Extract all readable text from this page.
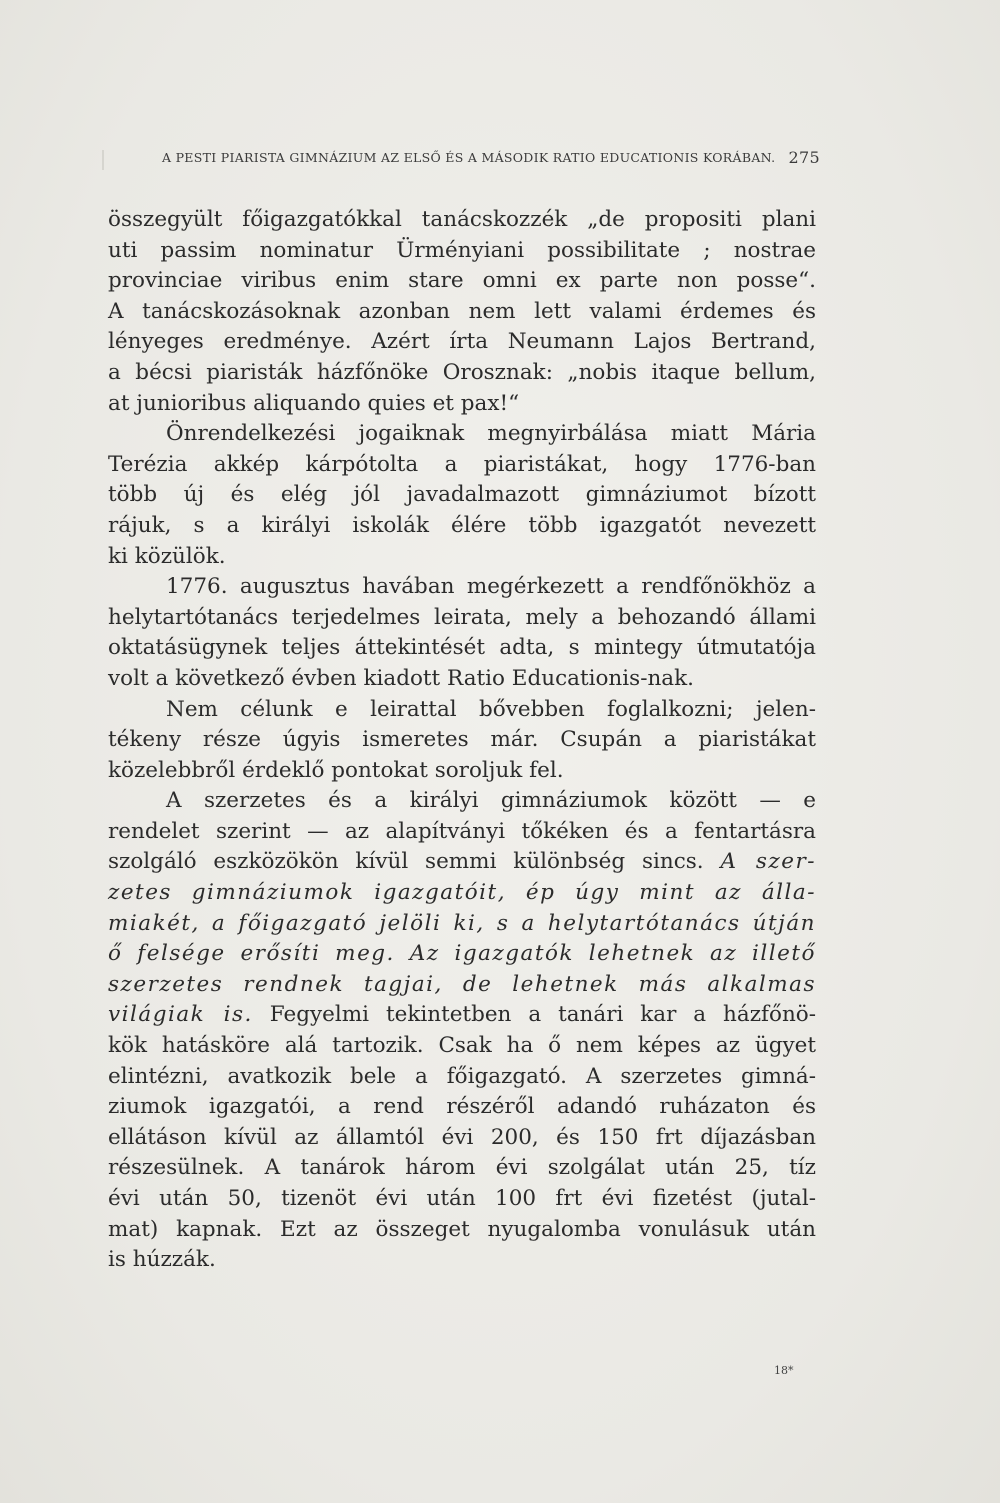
A PESTI PIARISTA GIMNÁZIUM AZ ELSŐ ÉS A MÁSODIK RATIO EDUCATIONIS KORÁBAN. 275
összegyült főigazgatókkal tanácskozzék „de propositi plani
uti passim nominatur Ürményiani possibilitate ; nostrae
provinciae viribus enim stare omni ex parte non posse“.
A tanácskozásoknak azonban nem lett valami érdemes és
lényeges eredménye. Azért írta Neumann Lajos Bertrand,
a bécsi piaristák házfőnöke Orosznak: „nobis itaque bellum,
at junioribus aliquando quies et pax!“
Önrendelkezési jogaiknak megnyirbálása miatt Mária
Terézia akkép kárpótolta a piaristákat, hogy 1776-ban
több új és elég jól javadalmazott gimnáziumot bízott
rájuk, s a királyi iskolák élére több igazgatót nevezett
ki közülök.
1776. augusztus havában megérkezett a rendfőnökhöz a
helytartótanács terjedelmes leirata, mely a behozandó állami
oktatásügynek teljes áttekintését adta, s mintegy útmutatója
volt a következő évben kiadott Ratio Educationis-nak.
Nem célunk e leirattal bővebben foglalkozni; jelen-
tékeny része úgyis ismeretes már. Csupán a piaristákat
közelebbről érdeklő pontokat soroljuk fel.
A szerzetes és a királyi gimnáziumok között — e
rendelet szerint — az alapítványi tőkéken és a fentartásra
szolgáló eszközökön kívül semmi különbség sincs. A szer-
zetes gimnáziumok igazgatóit, ép úgy mint az álla-
miakét, a főigazgató jelöli ki, s a helytartótanács útján
ő felsége erősíti meg. Az igazgatók lehetnek az illető
szerzetes rendnek tagjai, de lehetnek más alkalmas
világiak is. Fegyelmi tekintetben a tanári kar a házfőnö-
kök hatásköre alá tartozik. Csak ha ő nem képes az ügyet
elintézni, avatkozik bele a főigazgató. A szerzetes gimná-
ziumok igazgatói, a rend részéről adandó ruházaton és
ellátáson kívül az államtól évi 200, és 150 frt díjazásban
részesülnek. A tanárok három évi szolgálat után 25, tíz
évi után 50, tizenöt évi után 100 frt évi fizetést (jutal-
mat) kapnak. Ezt az összeget nyugalomba vonulásuk után
is húzzák.
18*
